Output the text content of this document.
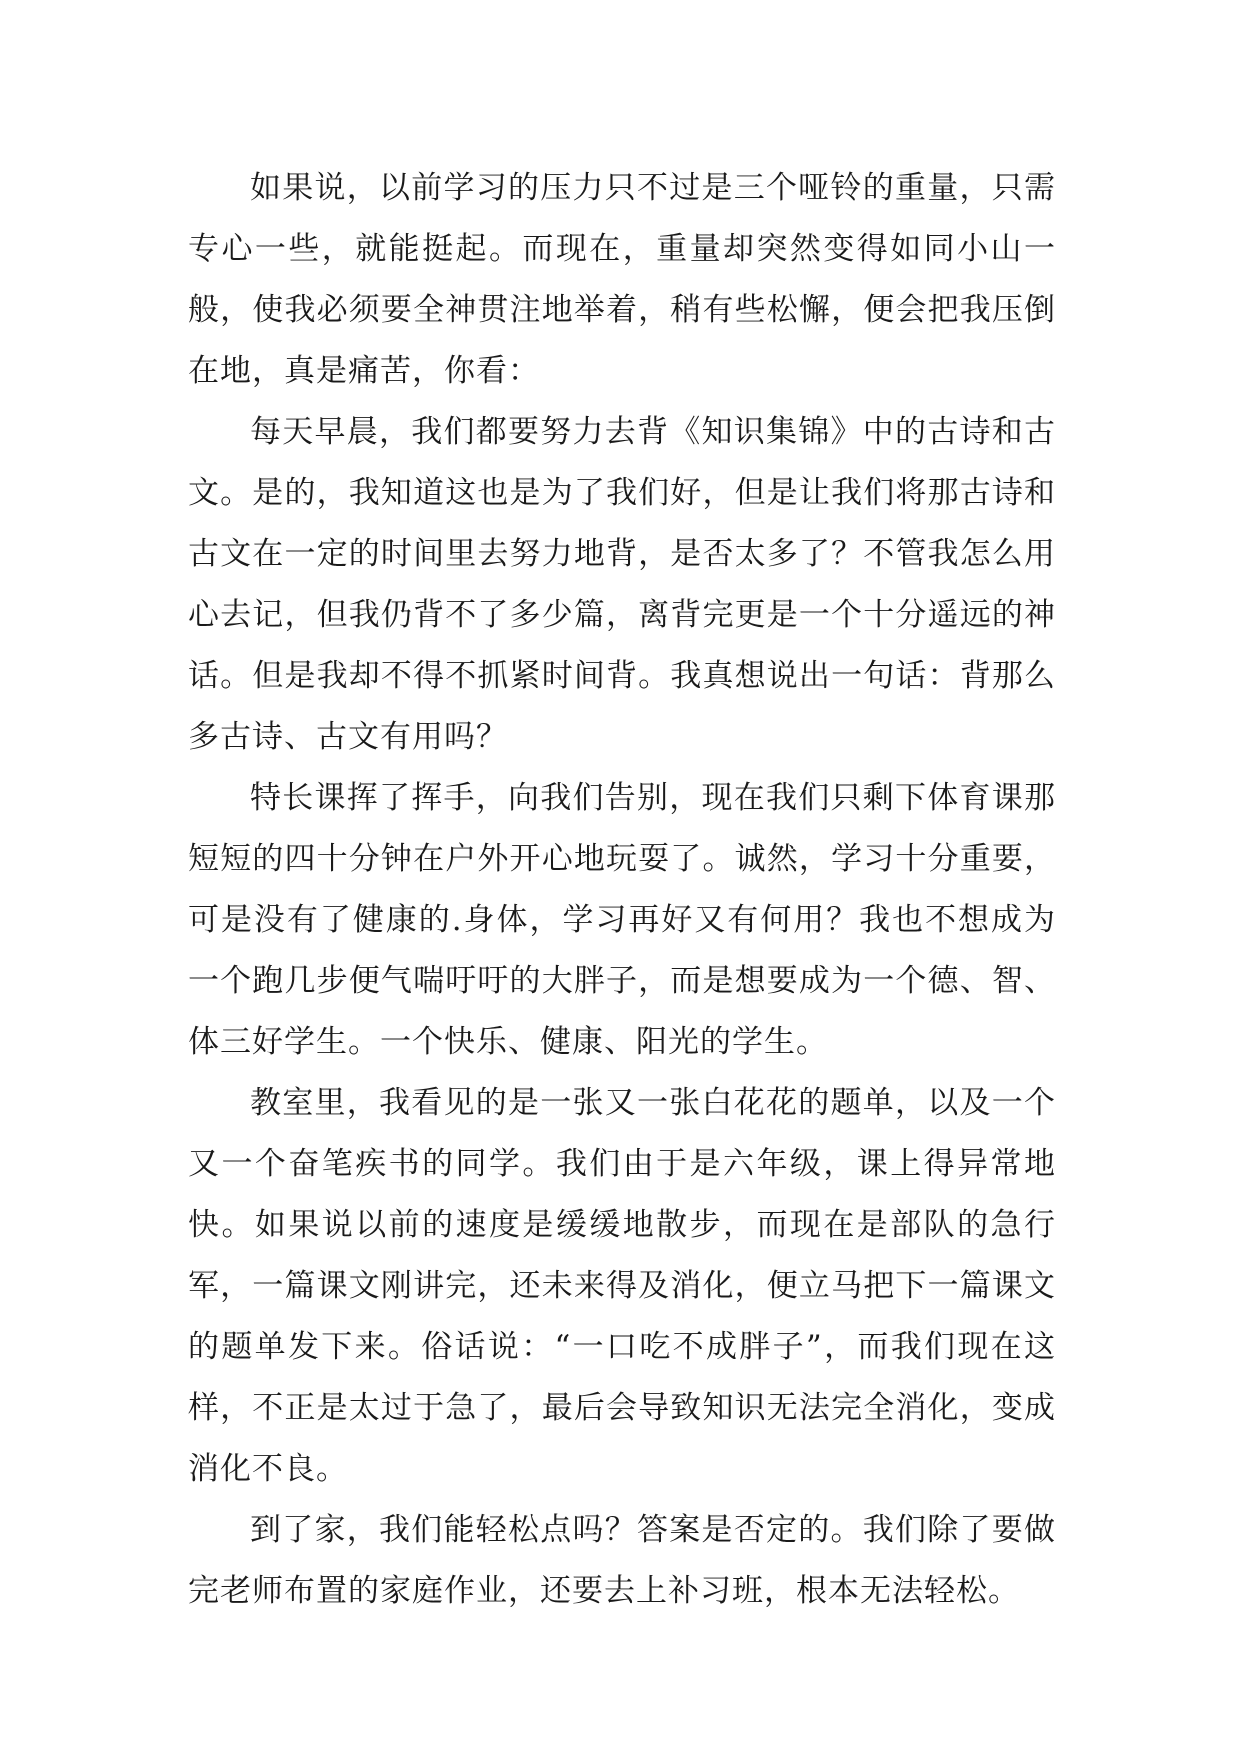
如果说，以前学习的压力只不过是三个哑铃的重量，只需专心一些，就能挺起。而现在，重量却突然变得如同小山一般，使我必须要全神贯注地举着，稍有些松懈，便会把我压倒在地，真是痛苦，你看：

每天早晨，我们都要努力去背《知识集锦》中的古诗和古文。是的，我知道这也是为了我们好，但是让我们将那古诗和古文在一定的时间里去努力地背，是否太多了？不管我怎么用心去记，但我仍背不了多少篇，离背完更是一个十分遥远的神话。但是我却不得不抓紧时间背。我真想说出一句话：背那么多古诗、古文有用吗？

特长课挥了挥手，向我们告别，现在我们只剩下体育课那短短的四十分钟在户外开心地玩耍了。诚然，学习十分重要，可是没有了健康的.身体，学习再好又有何用？我也不想成为一个跑几步便气喘吁吁的大胖子，而是想要成为一个德、智、体三好学生。一个快乐、健康、阳光的学生。

教室里，我看见的是一张又一张白花花的题单，以及一个又一个奋笔疾书的同学。我们由于是六年级，课上得异常地快。如果说以前的速度是缓缓地散步，而现在是部队的急行军，一篇课文刚讲完，还未来得及消化，便立马把下一篇课文的题单发下来。俗话说：“一口吃不成胖子”，而我们现在这样，不正是太过于急了，最后会导致知识无法完全消化，变成消化不良。

到了家，我们能轻松点吗？答案是否定的。我们除了要做完老师布置的家庭作业，还要去上补习班，根本无法轻松。
